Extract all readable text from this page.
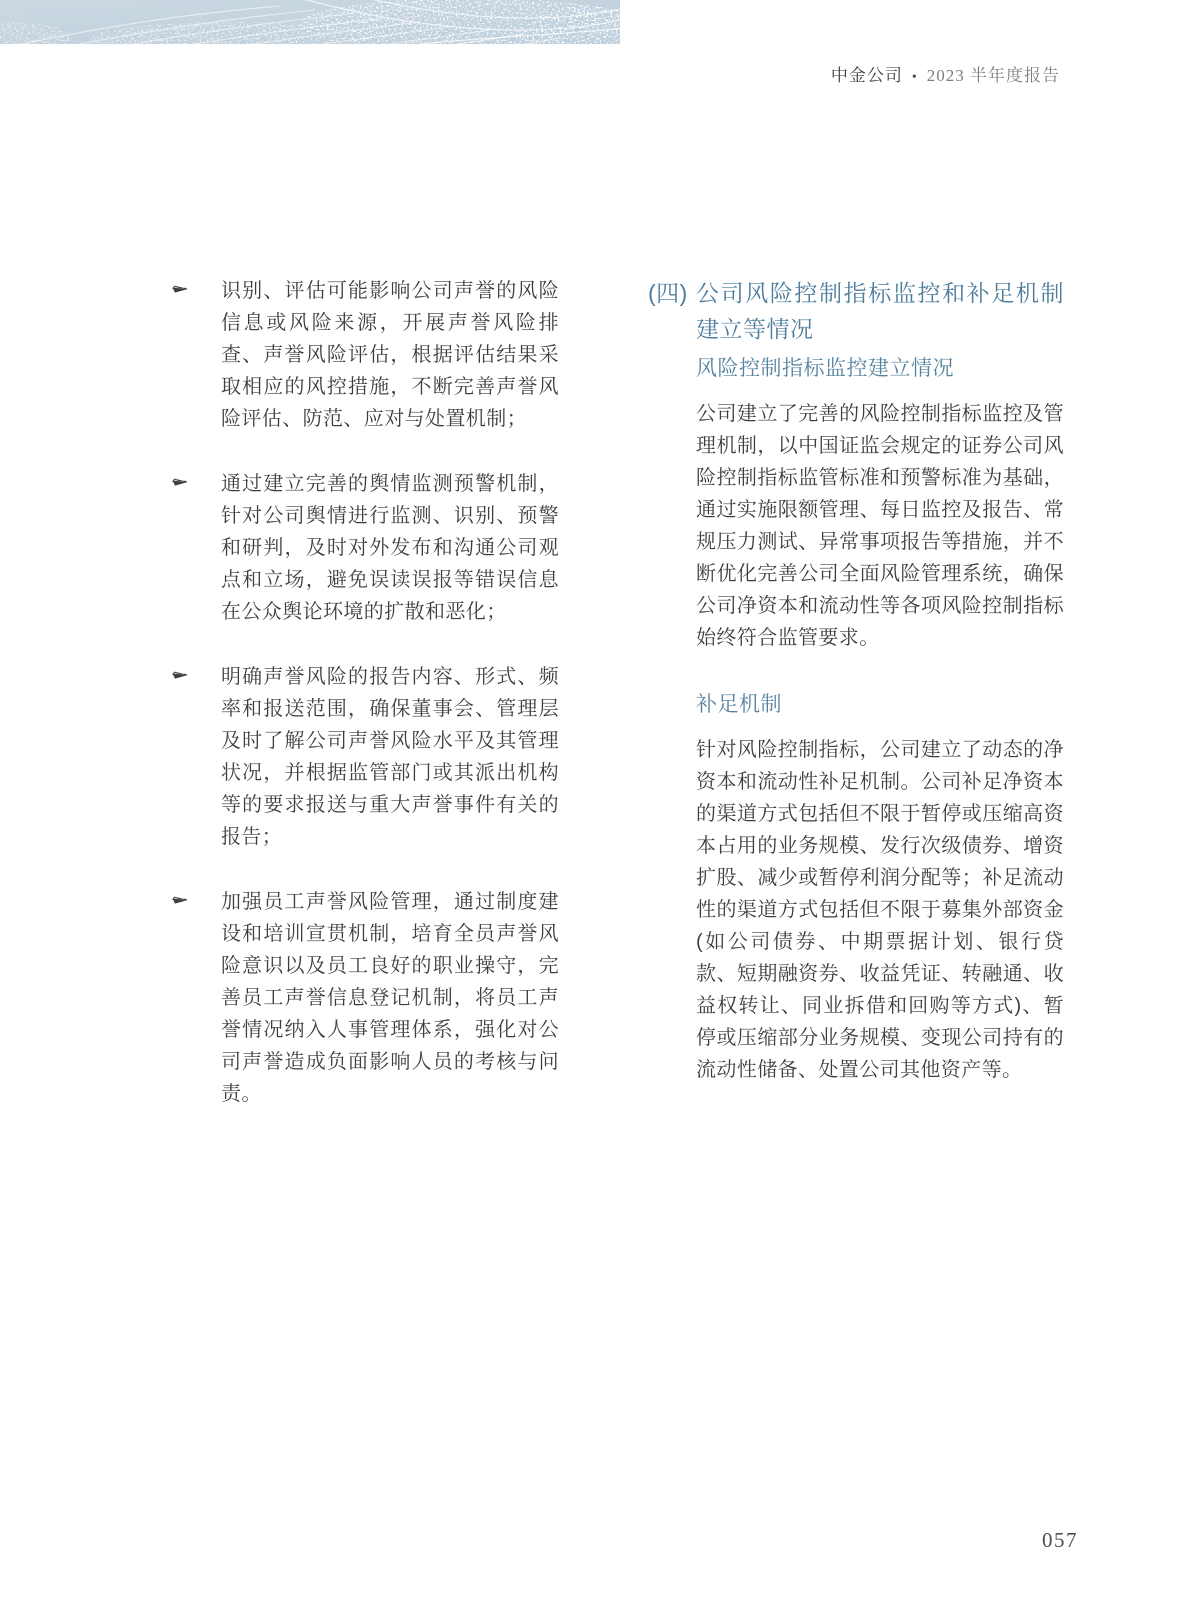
中金公司 • 2023 半年度报告
识别、评估可能影响公司声誉的风险信息或风险来源，开展声誉风险排查、声誉风险评估，根据评估结果采取相应的风控措施，不断完善声誉风险评估、防范、应对与处置机制；
通过建立完善的舆情监测预警机制，针对公司舆情进行监测、识别、预警和研判，及时对外发布和沟通公司观点和立场，避免误读误报等错误信息在公众舆论环境的扩散和恶化；
明确声誉风险的报告内容、形式、频率和报送范围，确保董事会、管理层及时了解公司声誉风险水平及其管理状况，并根据监管部门或其派出机构等的要求报送与重大声誉事件有关的报告；
加强员工声誉风险管理，通过制度建设和培训宣贯机制，培育全员声誉风险意识以及员工良好的职业操守，完善员工声誉信息登记机制，将员工声誉情况纳入人事管理体系，强化对公司声誉造成负面影响人员的考核与问责。
(四) 公司风险控制指标监控和补足机制建立等情况
风险控制指标监控建立情况
公司建立了完善的风险控制指标监控及管理机制，以中国证监会规定的证券公司风险控制指标监管标准和预警标准为基础，通过实施限额管理、每日监控及报告、常规压力测试、异常事项报告等措施，并不断优化完善公司全面风险管理系统，确保公司净资本和流动性等各项风险控制指标始终符合监管要求。
补足机制
针对风险控制指标，公司建立了动态的净资本和流动性补足机制。公司补足净资本的渠道方式包括但不限于暂停或压缩高资本占用的业务规模、发行次级债券、增资扩股、减少或暂停利润分配等；补足流动性的渠道方式包括但不限于募集外部资金(如公司债券、中期票据计划、银行贷款、短期融资券、收益凭证、转融通、收益权转让、同业拆借和回购等方式)、暂停或压缩部分业务规模、变现公司持有的流动性储备、处置公司其他资产等。
057
